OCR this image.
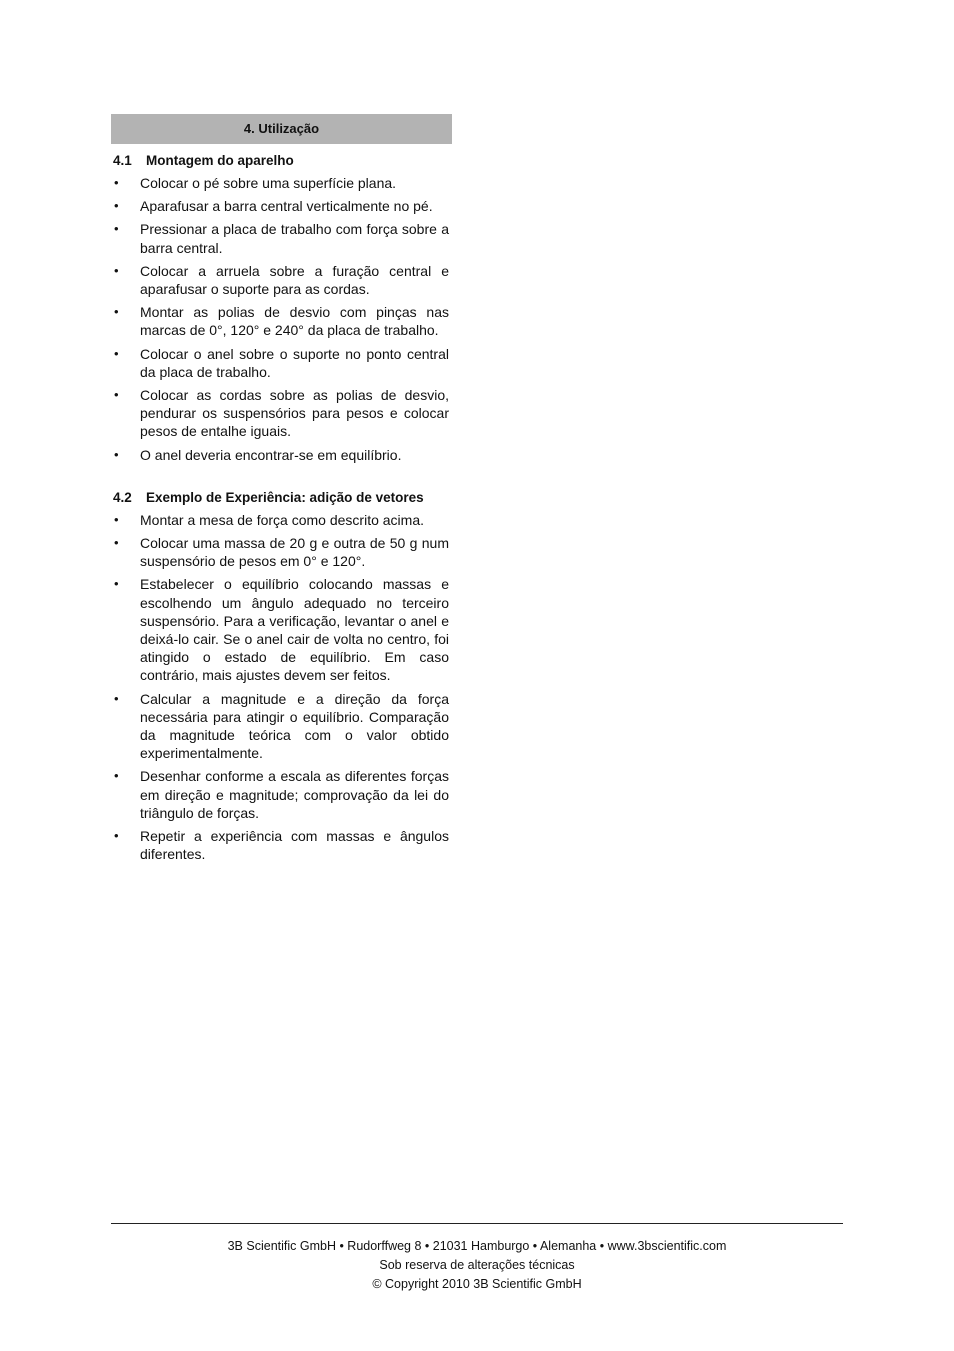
4. Utilização
4.1 Montagem do aparelho
• Colocar o pé sobre uma superfície plana.
• Aparafusar a barra central verticalmente no pé.
• Pressionar a placa de trabalho com força sobre a barra central.
• Colocar a arruela sobre a furação central e aparafusar o suporte para as cordas.
• Montar as polias de desvio com pinças nas marcas de 0°, 120° e 240° da placa de trabalho.
• Colocar o anel sobre o suporte no ponto central da placa de trabalho.
• Colocar as cordas sobre as polias de desvio, pendurar os suspensórios para pesos e colocar pesos de entalhe iguais.
• O anel deveria encontrar-se em equilíbrio.
4.2 Exemplo de Experiência: adição de vetores
• Montar a mesa de força como descrito acima.
• Colocar uma massa de 20 g e outra de 50 g num suspensório de pesos em 0° e 120°.
• Estabelecer o equilíbrio colocando massas e escolhendo um ângulo adequado no terceiro suspensório. Para a verificação, levantar o anel e deixá-lo cair. Se o anel cair de volta no centro, foi atingido o estado de equilíbrio. Em caso contrário, mais ajustes devem ser feitos.
• Calcular a magnitude e a direção da força necessária para atingir o equilíbrio. Comparação da magnitude teórica com o valor obtido experimentalmente.
• Desenhar conforme a escala as diferentes forças em direção e magnitude; comprovação da lei do triângulo de forças.
• Repetir a experiência com massas e ângulos diferentes.
3B Scientific GmbH • Rudorffweg 8 • 21031 Hamburgo • Alemanha • www.3bscientific.com
Sob reserva de alterações técnicas
© Copyright 2010 3B Scientific GmbH
